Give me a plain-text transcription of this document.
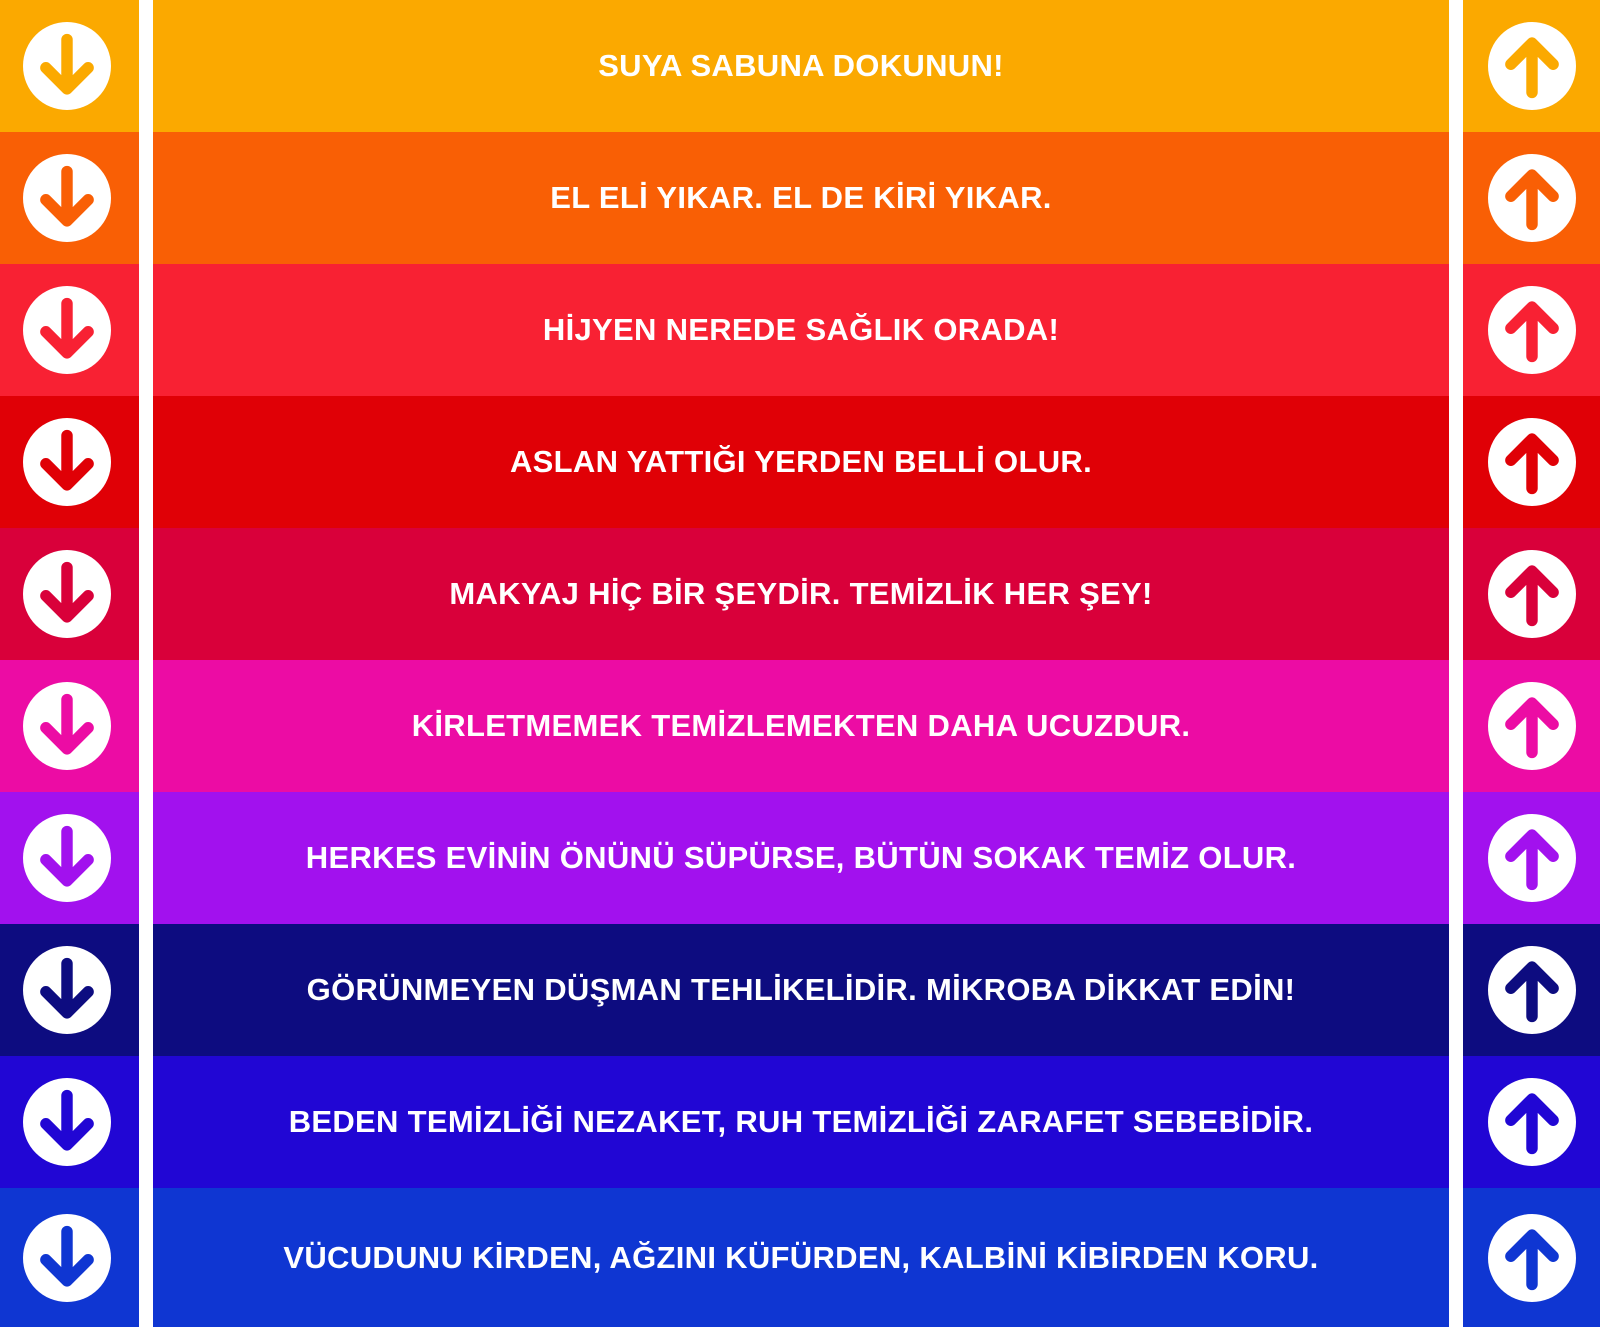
SUYA SABUNA DOKUNUN!
EL ELİ YIKAR. EL DE KİRİ YIKAR.
HİJYEN NEREDE SAĞLIK ORADA!
ASLAN YATTIĞI YERDEN BELLİ OLUR.
MAKYAJ HİÇ BİR ŞEYDİR. TEMİZLİK HER ŞEY!
KİRLETMEMEK TEMİZLEMEKTEN DAHA UCUZDUR.
HERKES EVİNİN ÖNÜNÜ SÜPÜRSE, BÜTÜN SOKAK TEMİZ OLUR.
GÖRÜNMEYEN DÜŞMAN TEHLİKELİDİR. MİKROBA DİKKAT EDİN!
BEDEN TEMİZLİĞİ NEZAKET, RUH TEMİZLİĞİ ZARAFET SEBEBİDİR.
VÜCUDUNU KİRDEN, AĞZINI KÜFÜRDEN, KALBİNİ KİBİRDEN KORU.
